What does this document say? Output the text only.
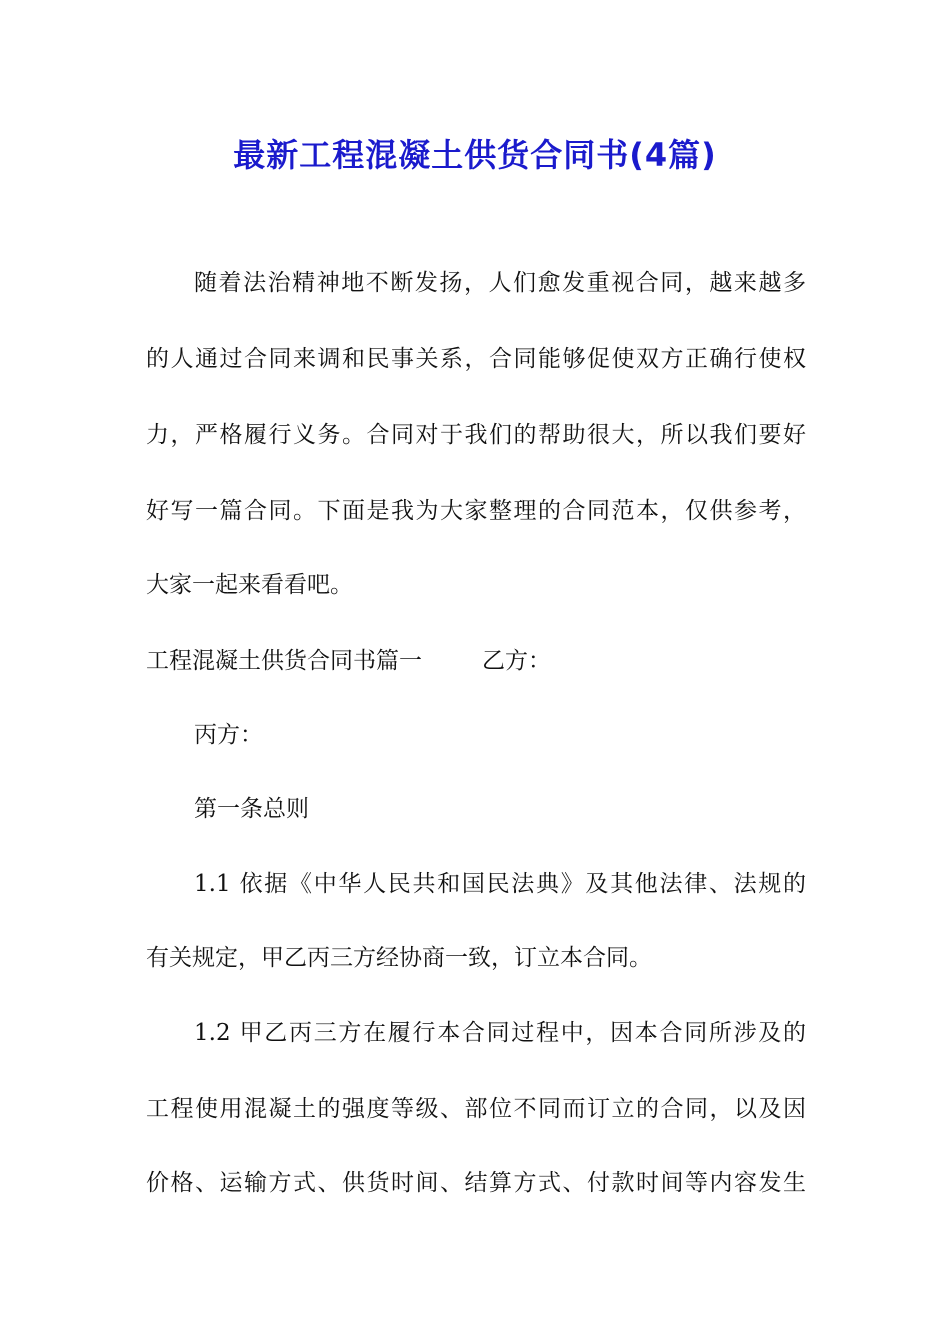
最新工程混凝土供货合同书(4篇)

随着法治精神地不断发扬，人们愈发重视合同，越来越多

的人通过合同来调和民事关系，合同能够促使双方正确行使权

力，严格履行义务。合同对于我们的帮助很大，所以我们要好

好写一篇合同。下面是我为大家整理的合同范本，仅供参考，

大家一起来看看吧。

工程混凝土供货合同书篇一	乙方：

丙方：

第一条总则

1.1 依据《中华人民共和国民法典》及其他法律、法规的

有关规定，甲乙丙三方经协商一致，订立本合同。

1.2 甲乙丙三方在履行本合同过程中，因本合同所涉及的

工程使用混凝土的强度等级、部位不同而订立的合同，以及因

价格、运输方式、供货时间、结算方式、付款时间等内容发生
